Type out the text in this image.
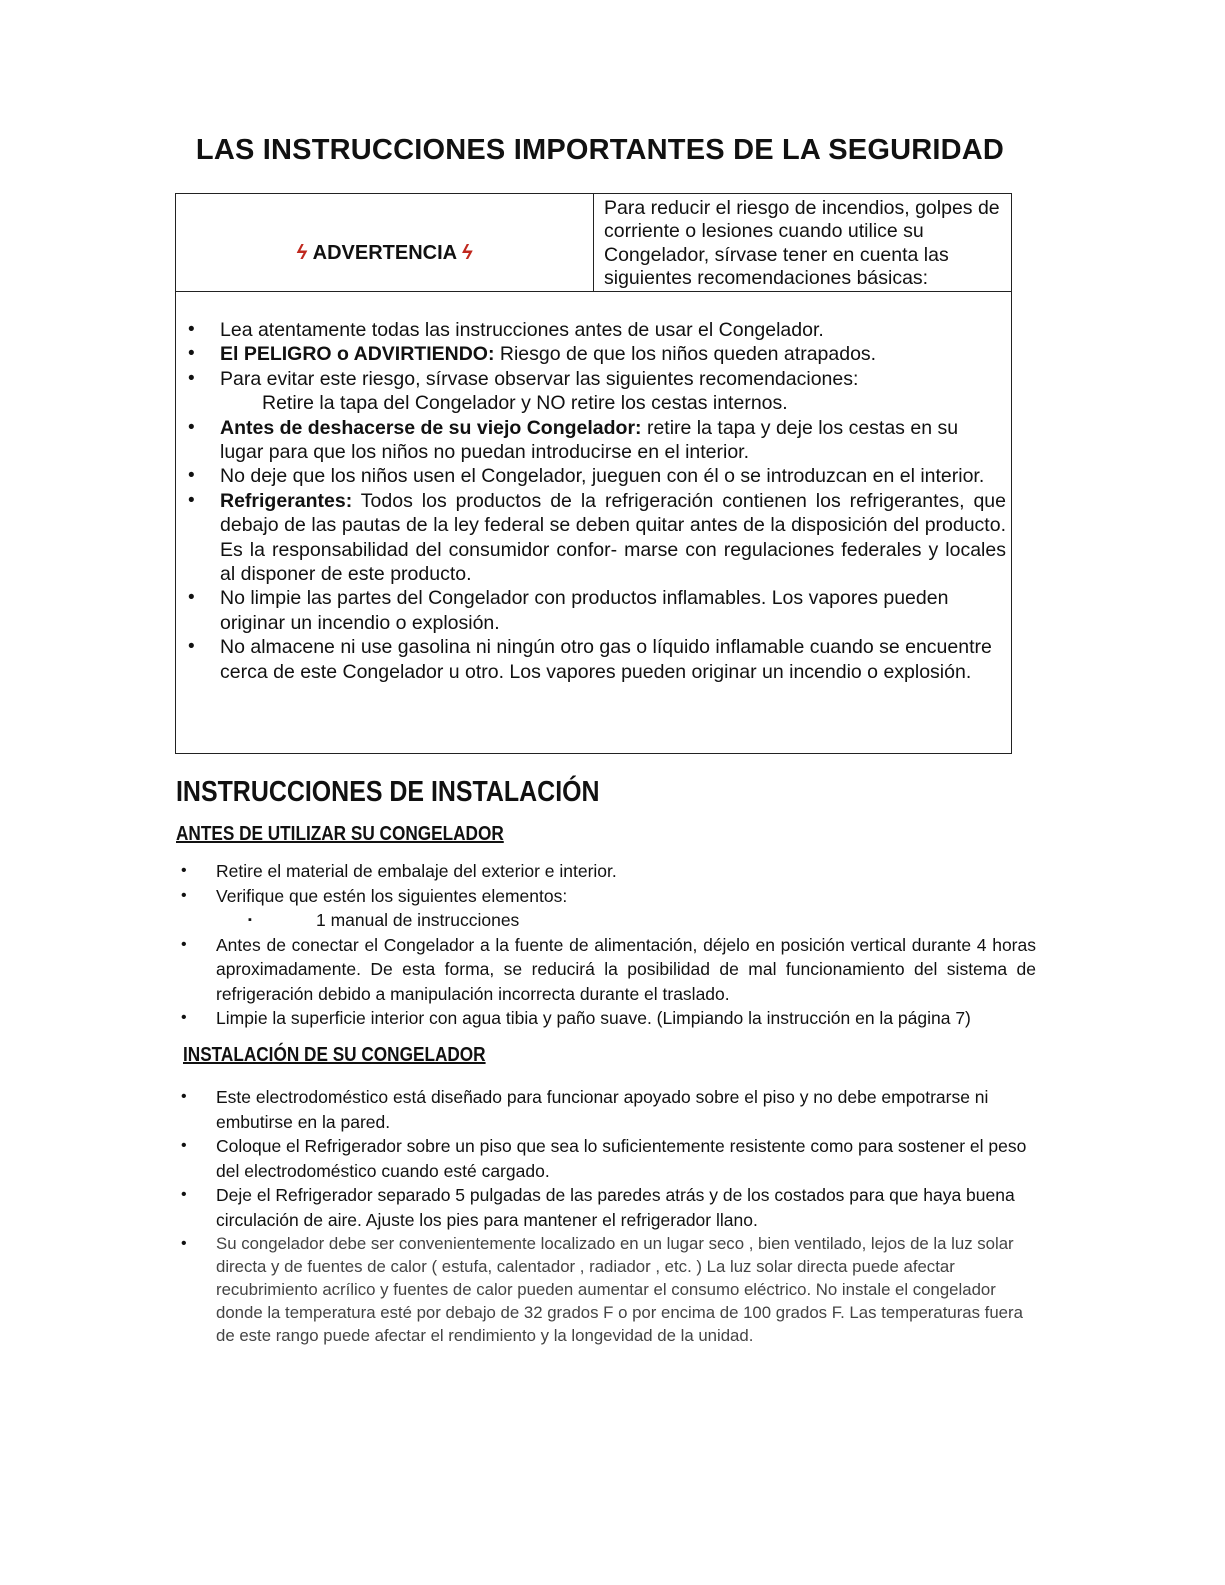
LAS INSTRUCCIONES IMPORTANTES DE LA SEGURIDAD
ϟ ADVERTENCIA ϟ
Para reducir el riesgo de incendios, golpes de corriente o lesiones cuando utilice su Congelador, sírvase tener en cuenta las siguientes recomendaciones básicas:
• Lea atentamente todas las instrucciones antes de usar el Congelador.
• El PELIGRO o ADVIRTIENDO: Riesgo de que los niños queden atrapados.
• Para evitar este riesgo, sírvase observar las siguientes recomendaciones:
Retire la tapa del Congelador y NO retire los cestas internos.
• Antes de deshacerse de su viejo Congelador: retire la tapa y deje los cestas en su lugar para que los niños no puedan introducirse en el interior.
• No deje que los niños usen el Congelador, jueguen con él o se introduzcan en el interior.
• Refrigerantes: Todos los productos de la refrigeración contienen los refrigerantes, que debajo de las pautas de la ley federal se deben quitar antes de la disposición del producto. Es la responsabilidad del consumidor confor- marse con regulaciones federales y locales al disponer de este producto.
• No limpie las partes del Congelador con productos inflamables. Los vapores pueden originar un incendio o explosión.
• No almacene ni use gasolina ni ningún otro gas o líquido inflamable cuando se encuentre cerca de este Congelador u otro. Los vapores pueden originar un incendio o explosión.
INSTRUCCIONES DE INSTALACIÓN
ANTES DE UTILIZAR SU CONGELADOR
• Retire el material de embalaje del exterior e interior.
• Verifique que estén los siguientes elementos:
▪ 1 manual de instrucciones
• Antes de conectar el Congelador a la fuente de alimentación, déjelo en posición vertical durante 4 horas aproximadamente. De esta forma, se reducirá la posibilidad de mal funcionamiento del sistema de refrigeración debido a manipulación incorrecta durante el traslado.
• Limpie la superficie interior con agua tibia y paño suave. (Limpiando la instrucción en la página 7)
INSTALACIÓN DE SU CONGELADOR
• Este electrodoméstico está diseñado para funcionar apoyado sobre el piso y no debe empotrarse ni embutirse en la pared.
• Coloque el Refrigerador sobre un piso que sea lo suficientemente resistente como para sostener el peso del electrodoméstico cuando esté cargado.
• Deje el Refrigerador separado 5 pulgadas de las paredes atrás y de los costados para que haya buena circulación de aire. Ajuste los pies para mantener el refrigerador llano.
• Su congelador debe ser convenientemente localizado en un lugar seco , bien ventilado, lejos de la luz solar directa y de fuentes de calor ( estufa, calentador , radiador , etc. ) La luz solar directa puede afectar recubrimiento acrílico y fuentes de calor pueden aumentar el consumo eléctrico. No instale el congelador donde la temperatura esté por debajo de 32 grados F o por encima de 100 grados F. Las temperaturas fuera de este rango puede afectar el rendimiento y la longevidad de la unidad.
